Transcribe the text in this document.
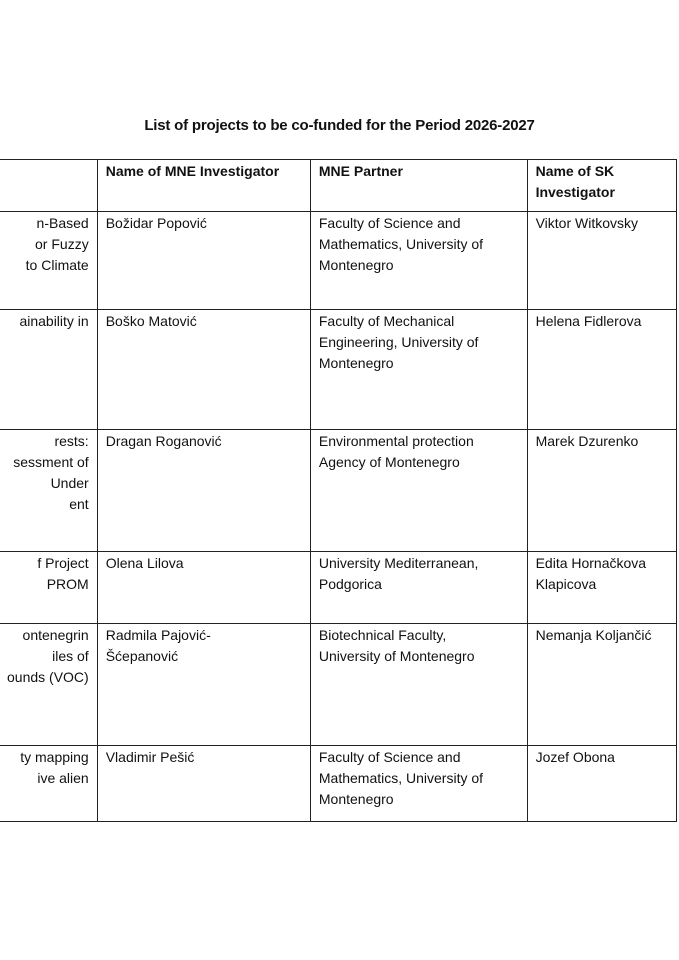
List of projects to be co-funded for the Period 2026-2027
	Name of MNE Investigator	MNE Partner	Name of SK
Investigator

n-Based
or Fuzzy
to Climate	Božidar Popović	Faculty of Science and
Mathematics, University of
Montenegro	Viktor Witkovsky

ainability in	Boško Matović	Faculty of Mechanical
Engineering, University of
Montenegro	Helena Fidlerova

rests:
sessment of
Under
ent	Dragan Roganović	Environmental protection
Agency of Montenegro	Marek Dzurenko

f Project
PROM	Olena Lilova	University Mediterranean,
Podgorica	Edita Hornačkova
Klapicova

ontenegrin
iles of
ounds (VOC)	Radmila Pajović-
Šćepanović	Biotechnical Faculty,
University of Montenegro	Nemanja Koljančić

ty mapping
ive alien	Vladimir Pešić	Faculty of Science and
Mathematics, University of
Montenegro	Jozef Obona
